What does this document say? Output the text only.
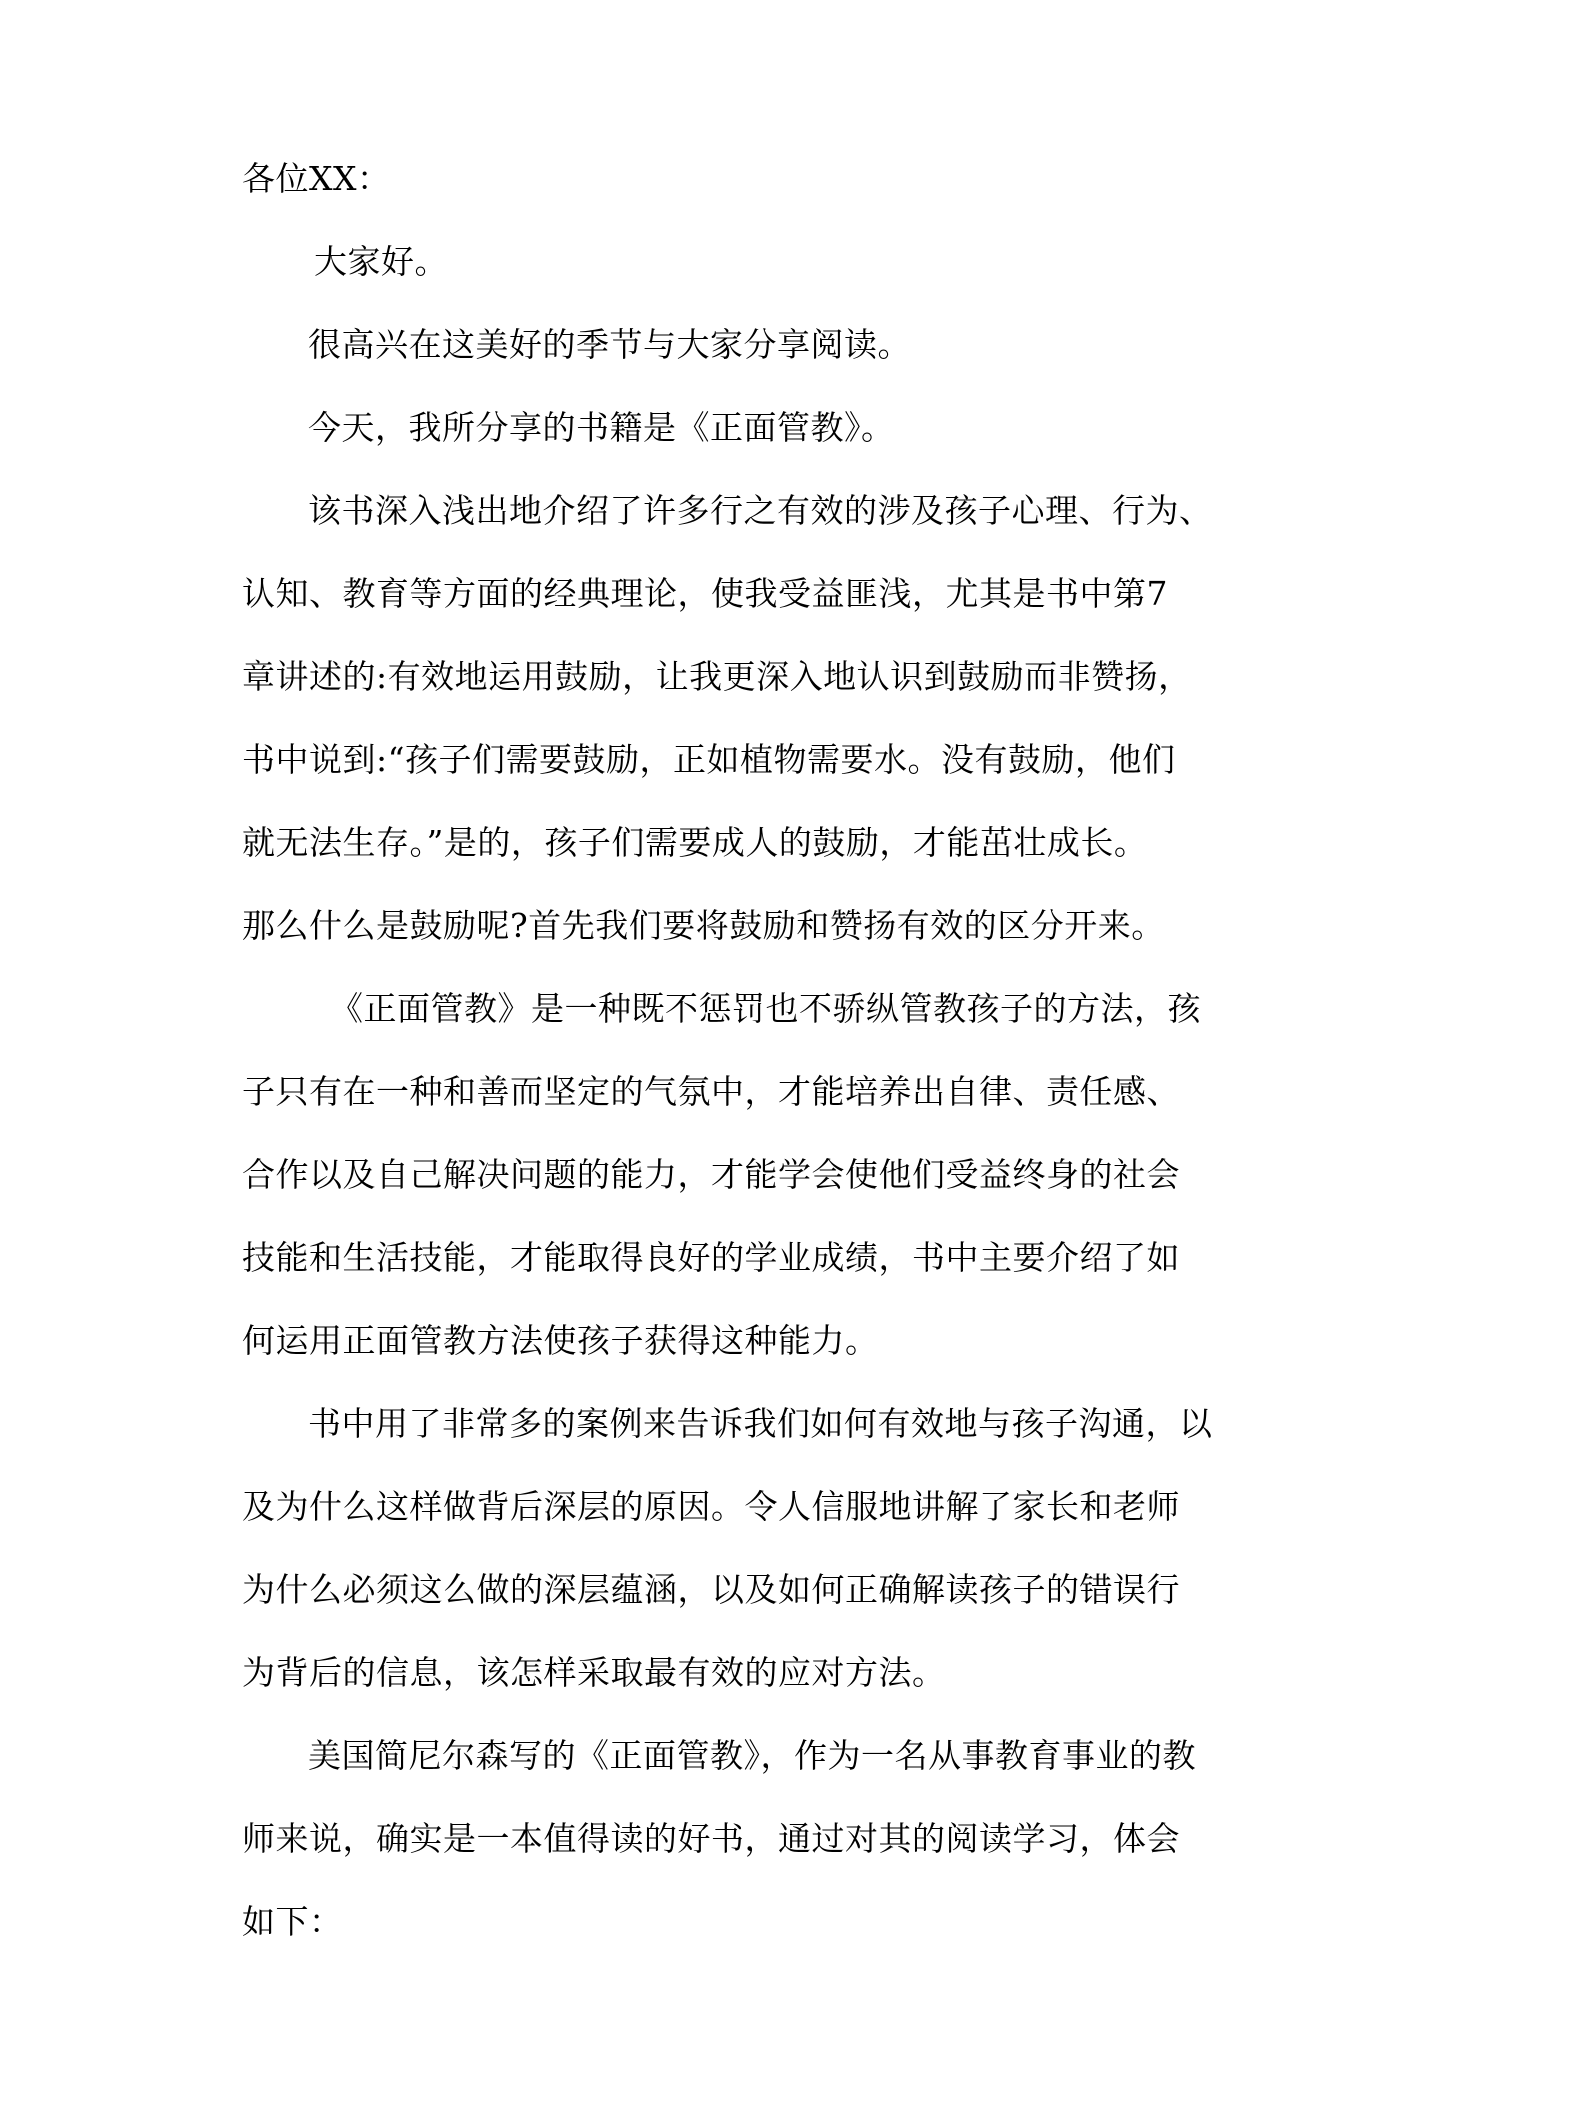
各位XX：
大家好。
很高兴在这美好的季节与大家分享阅读。
今天，我所分享的书籍是《正面管教》。
该书深入浅出地介绍了许多行之有效的涉及孩子心理、行为、
认知、教育等方面的经典理论，使我受益匪浅，尤其是书中第7
章讲述的:有效地运用鼓励，让我更深入地认识到鼓励而非赞扬，
书中说到:“孩子们需要鼓励，正如植物需要水。没有鼓励，他们
就无法生存。”是的，孩子们需要成人的鼓励，才能茁壮成长。
那么什么是鼓励呢?首先我们要将鼓励和赞扬有效的区分开来。
《正面管教》是一种既不惩罚也不骄纵管教孩子的方法，孩
子只有在一种和善而坚定的气氛中，才能培养出自律、责任感、
合作以及自己解决问题的能力，才能学会使他们受益终身的社会
技能和生活技能，才能取得良好的学业成绩，书中主要介绍了如
何运用正面管教方法使孩子获得这种能力。
书中用了非常多的案例来告诉我们如何有效地与孩子沟通，以
及为什么这样做背后深层的原因。令人信服地讲解了家长和老师
为什么必须这么做的深层蕴涵，以及如何正确解读孩子的错误行
为背后的信息，该怎样采取最有效的应对方法。
美国简尼尔森写的《正面管教》，作为一名从事教育事业的教
师来说，确实是一本值得读的好书，通过对其的阅读学习，体会
如下：
